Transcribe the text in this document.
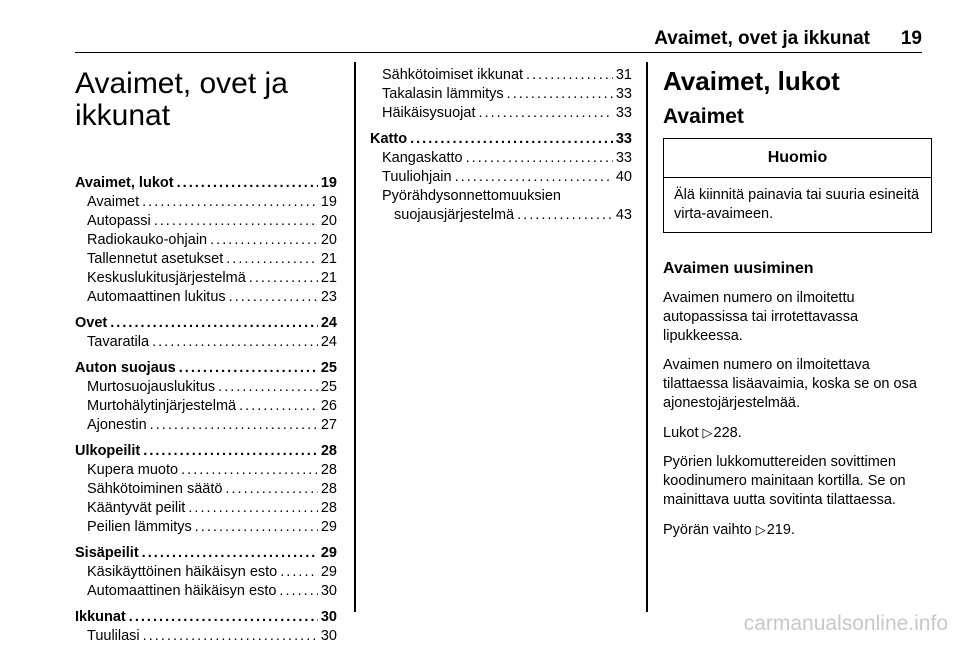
Avaimet, ovet ja ikkunat 19
Avaimet, ovet ja
ikkunat
Avaimet, lukot . . .	19
Avaimet . . .	19
Autopassi . . .	20
Radiokauko-ohjain . . .	20
Tallennetut asetukset . . .	21
Keskuslukitusjärjestelmä . . .	21
Automaattinen lukitus . . .	23
Ovet . . .	24
Tavaratila . . .	24
Auton suojaus . . .	25
Murtosuojauslukitus . . .	25
Murtohälytinjärjestelmä . . .	26
Ajonestin . . .	27
Ulkopeilit . . .	28
Kupera muoto . . .	28
Sähkötoiminen säätö . . .	28
Kääntyvät peilit . . .	28
Peilien lämmitys . . .	29
Sisäpeilit . . .	29
Käsikäyttöinen häikäisyn esto . . .	29
Automaattinen häikäisyn esto . . .	30
Ikkunat . . .	30
Tuulilasi . . .	30
Sähkötoimiset ikkunat . . .	31
Takalasin lämmitys . . .	33
Häikäisysuojat . . .	33
Katto . . .	33
Kangaskatto . . .	33
Tuuliohjain . . .	40
Pyörähdysonnettomuuksien
suojausjärjestelmä . . .	43
Avaimet, lukot
Avaimet
Huomio
Älä kiinnitä painavia tai suuria esineitä virta-avaimeen.
Avaimen uusiminen

Avaimen numero on ilmoitettu autopassissa tai irrotettavassa lipukkeessa.

Avaimen numero on ilmoitettava tilattaessa lisäavaimia, koska se on osa ajonestojärjestelmää.

Lukot ▷228.

Pyörien lukkomuttereiden sovittimen koodinumero mainitaan kortilla. Se on mainittava uutta sovitinta tilattaessa.

Pyörän vaihto ▷219.

carmanualsonline.info
